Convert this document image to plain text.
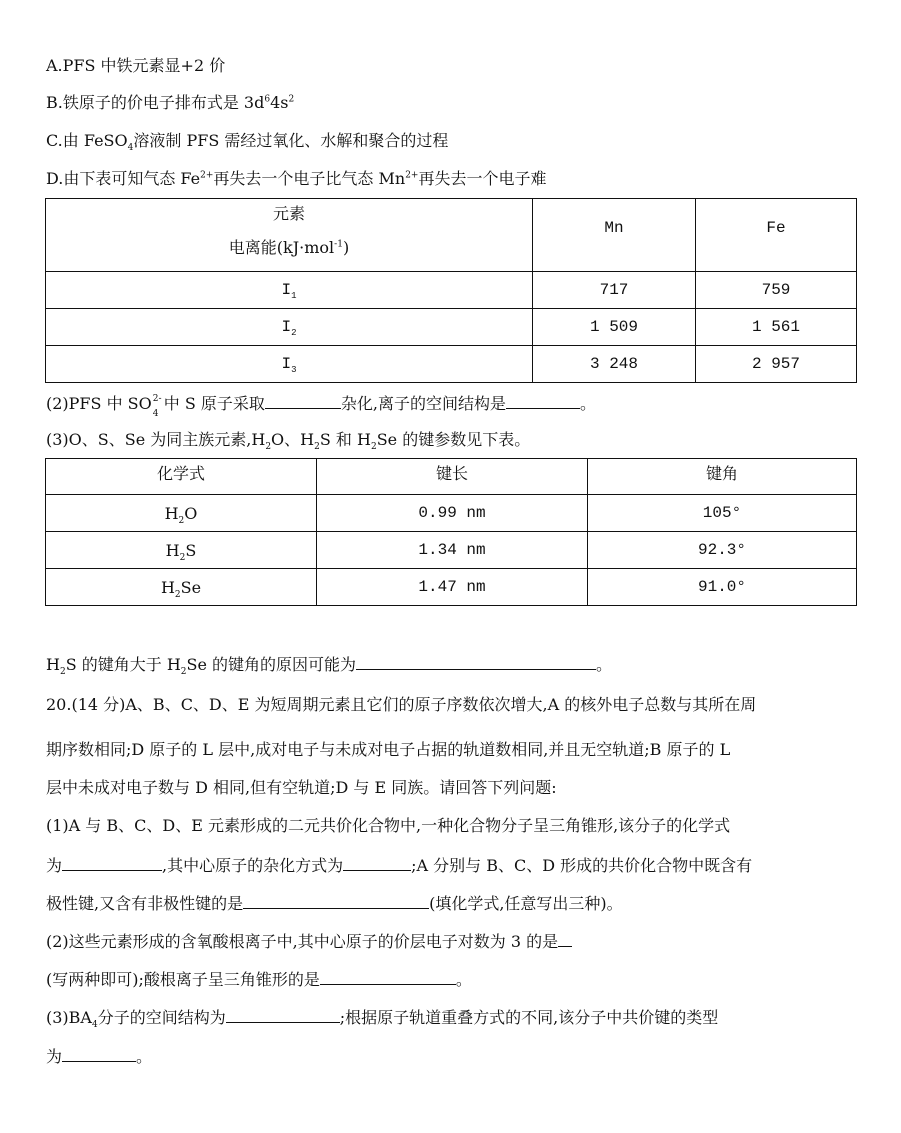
A.PFS 中铁元素显+2 价
B.铁原子的价电子排布式是 $3d^64s^2$
C.由 FeSO$_4$溶液制 PFS 需经过氧化、水解和聚合的过程
D.由下表可知气态 $Fe^{2+}$再失去一个电子比气态 $Mn^{2+}$再失去一个电子难
元素
电离能(kJ·mol$^{-1}$)	Mn	Fe
$I_1$	717	759
$I_2$	1 509	1 561
$I_3$	3 248	2 957
(2)PFS 中 SO 2-
4
中 S 原子采取	杂化,离子的空间结构是	。
(3)O、S、Se 为同主族元素$,H_2O$、$H_2S$ 和 $H_2Se$ 的键参数见下表。
化学式	键长	键角
$H_2O$	0.99 nm	105°
$H_2S$	1.34 nm	92.3°
$H_2Se$	1.47 nm	91.0°
$H_2S$ 的键角大于 $H_2Se$ 的键角的原因可能为	。
20.(14 分)A、B、C、D、E 为短周期元素且它们的原子序数依次增大,A 的核外电子总数与其所在周
期序数相同;D 原子的 L 层中,成对电子与未成对电子占据的轨道数相同,并且无空轨道;B 原子的 L
层中未成对电子数与 D 相同,但有空轨道;D 与 E 同族。请回答下列问题:
(1)A 与 B、C、D、E 元素形成的二元共价化合物中,一种化合物分子呈三角锥形,该分子的化学式
为	,其中心原子的杂化方式为	;A 分别与 B、C、D 形成的共价化合物中既含有
极性键,又含有非极性键的是	(填化学式,任意写出三种)。
(2)这些元素形成的含氧酸根离子中,其中心原子的价层电子对数为 3 的是
(写两种即可);酸根离子呈三角锥形的是	。
$(3)BA_4$分子的空间结构为	;根据原子轨道重叠方式的不同,该分子中共价键的类型
为	。
